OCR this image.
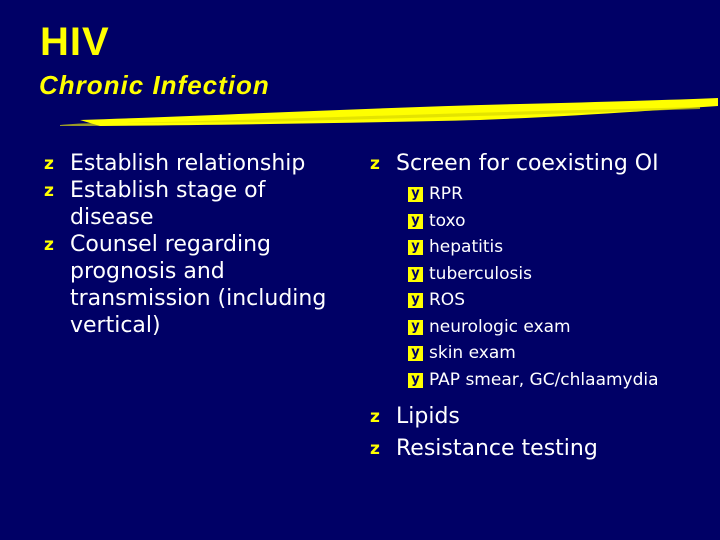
HIV
Chronic Infection
z Establish relationship
z Establish stage of disease
z Counsel regarding prognosis and transmission (including vertical)
z Screen for coexisting OI
y RPR
y toxo
y hepatitis
y tuberculosis
y ROS
y neurologic exam
y skin exam
y PAP smear, GC/chlaamydia
z Lipids
z Resistance testing
